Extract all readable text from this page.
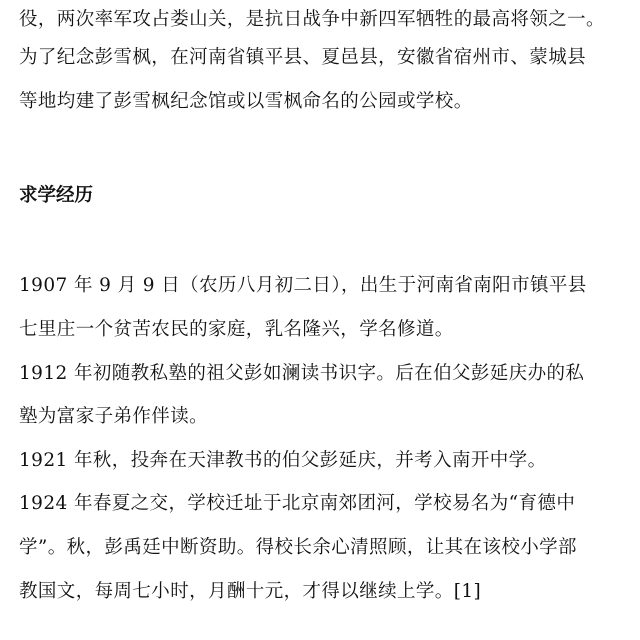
役，两次率军攻占娄山关，是抗日战争中新四军牺牲的最高将领之一。
为了纪念彭雪枫，在河南省镇平县、夏邑县，安徽省宿州市、蒙城县
等地均建了彭雪枫纪念馆或以雪枫命名的公园或学校。
求学经历
1907 年 9 月 9 日（农历八月初二日），出生于河南省南阳市镇平县
七里庄一个贫苦农民的家庭，乳名隆兴，学名修道。
1912 年初随教私塾的祖父彭如澜读书识字。后在伯父彭延庆办的私
塾为富家子弟作伴读。
1921 年秋，投奔在天津教书的伯父彭延庆，并考入南开中学。
1924 年春夏之交，学校迁址于北京南郊团河，学校易名为“育德中
学”。秋，彭禹廷中断资助。得校长余心清照顾，让其在该校小学部
教国文，每周七小时，月酬十元，才得以继续上学。[1]
